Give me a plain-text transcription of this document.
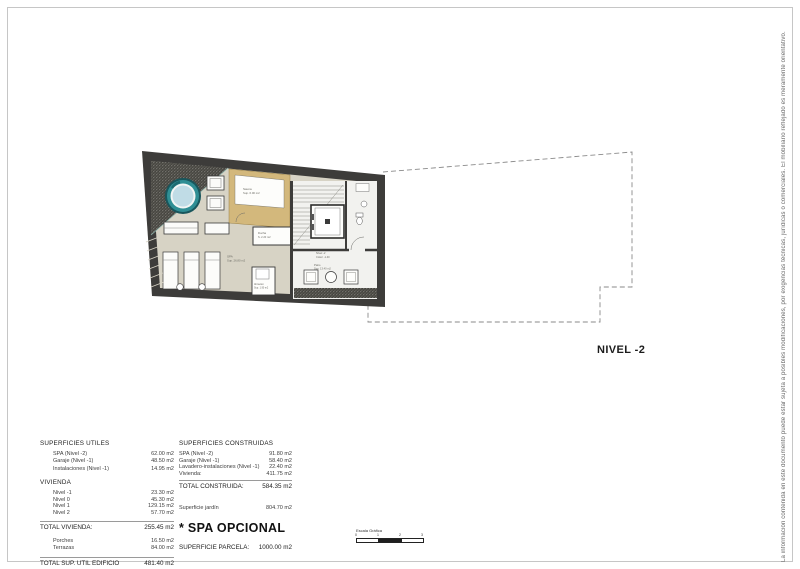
Sauna
Sup. 6.00 m2
Ducha
S. 2.20 m2
Nivel -2
Cota= -1.40
Patio
Sup. 13.40 m2
SPA
Sup. 26.80 m2
Almacén
Sup. 1.90 m2
NIVEL -2
SUPERFICIES UTILES
SPA (Nivel -2)	62.00 m2
Garaje (Nivel -1)	48.50 m2
Instalaciones (Nivel -1)	14.95 m2
VIVIENDA
Nivel -1	23.30 m2
Nivel 0	45.30 m2
Nivel 1	129.15 m2
Nivel 2	57.70 m2
TOTAL VIVIENDA:	255.45 m2
Porches	16.50 m2
Terrazas	84.00 m2
TOTAL SUP. UTIL EDIFICIO	481.40 m2
SUPERFICIES CONSTRUIDAS
SPA (Nivel -2)	91.80 m2
Garaje (Nivel -1)	58.40 m2
Lavadero-instalaciones (Nivel -1) 22.40 m2
Vivienda:	411.75 m2
TOTAL CONSTRUIDA:	584.35 m2
Superficie jardín	804.70 m2
* SPA OPCIONAL
SUPERFICIE PARCELA: 1000.00 m2
Escala Gráfica
0	1	2	3	La información contenida en este documento puede estar sujeta a posibles modificaciones, por exigencias técnicas, jurídicas o comerciales. El mobiliario reflejado es meramente orientativo.
